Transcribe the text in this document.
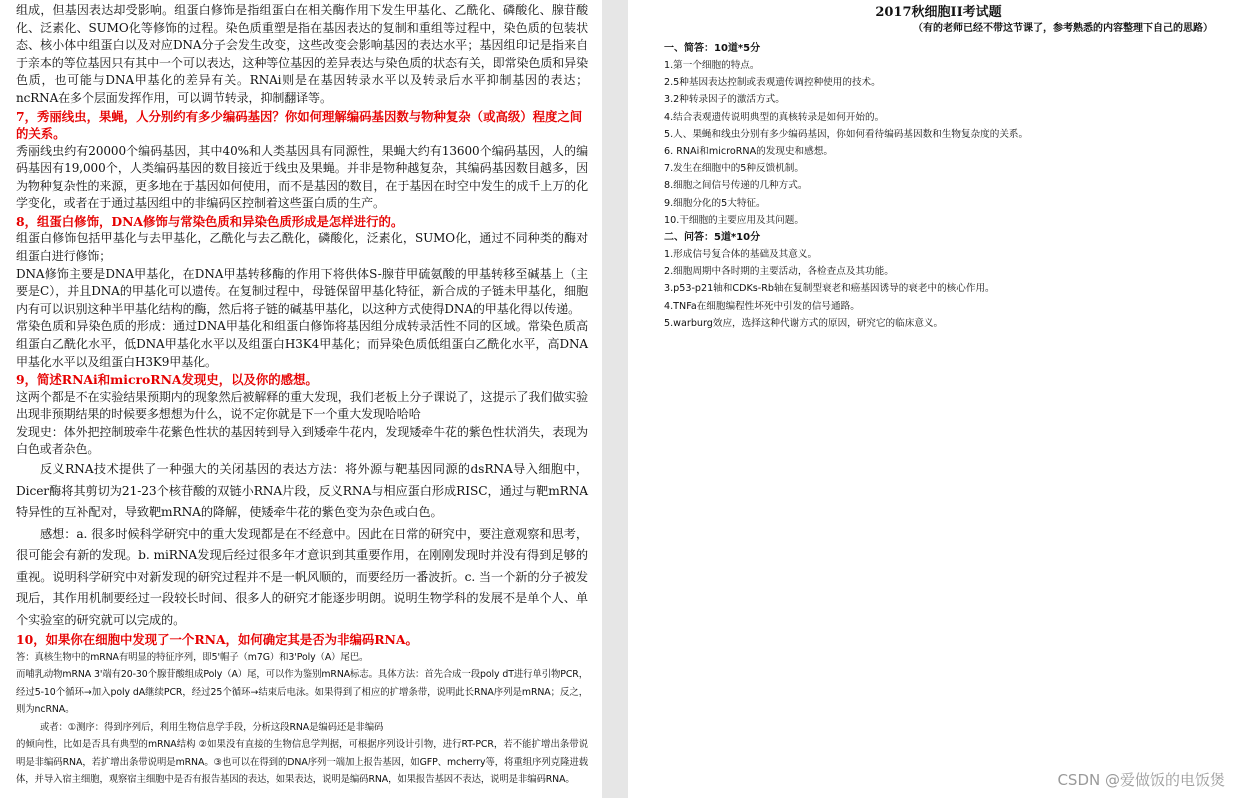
组成，但基因表达却受影响。组蛋白修饰是指组蛋白在相关酶作用下发生甲基化、乙酰化、磷酸化、腺苷酸化、泛素化、SUMO化等修饰的过程。染色质重塑是指在基因表达的复制和重组等过程中，染色质的包装状态、核小体中组蛋白以及对应DNA分子会发生改变，这些改变会影响基因的表达水平；基因组印记是指来自于亲本的等位基因只有其中一个可以表达，这种等位基因的差异表达与染色质的状态有关，即常染色质和异染色质，也可能与DNA甲基化的差异有关。RNAi则是在基因转录水平以及转录后水平抑制基因的表达；ncRNA在多个层面发挥作用，可以调节转录，抑制翻译等。

7，秀丽线虫，果蝇，人分别约有多少编码基因？你如何理解编码基因数与物种复杂（或高级）程度之间的关系。

秀丽线虫约有20000个编码基因，其中40%和人类基因具有同源性，果蝇大约有13600个编码基因，人的编码基因有19,000个，人类编码基因的数目接近于线虫及果蝇。并非是物种越复杂，其编码基因数目越多，因为物种复杂性的来源，更多地在于基因如何使用，而不是基因的数目，在于基因在时空中发生的成千上万的化学变化，或者在于通过基因组中的非编码区控制着这些蛋白质的生产。

8，组蛋白修饰，DNA修饰与常染色质和异染色质形成是怎样进行的。

组蛋白修饰包括甲基化与去甲基化，乙酰化与去乙酰化，磷酸化，泛素化，SUMO化，通过不同种类的酶对组蛋白进行修饰；

DNA修饰主要是DNA甲基化，在DNA甲基转移酶的作用下将供体S-腺苷甲硫氨酸的甲基转移至碱基上（主要是C），并且DNA的甲基化可以遗传。在复制过程中，母链保留甲基化特征，新合成的子链未甲基化，细胞内有可以识别这种半甲基化结构的酶，然后将子链的碱基甲基化，以这种方式使得DNA的甲基化得以传递。

常染色质和异染色质的形成：通过DNA甲基化和组蛋白修饰将基因组分成转录活性不同的区域。常染色质高组蛋白乙酰化水平，低DNA甲基化水平以及组蛋白H3K4甲基化；而异染色质低组蛋白乙酰化水平，高DNA甲基化水平以及组蛋白H3K9甲基化。

9，简述RNAi和microRNA发现史，以及你的感想。

这两个都是不在实验结果预期内的现象然后被解释的重大发现，我们老板上分子课说了，这提示了我们做实验出现非预期结果的时候要多想想为什么，说不定你就是下一个重大发现哈哈哈

发现史：体外把控制玻牵牛花紫色性状的基因转到导入到矮牵牛花内，发现矮牵牛花的紫色性状消失，表现为白色或者杂色。

反义RNA技术提供了一种强大的关闭基因的表达方法：将外源与靶基因同源的dsRNA导入细胞中，Dicer酶将其剪切为21-23个核苷酸的双链小RNA片段，反义RNA与相应蛋白形成RISC，通过与靶mRNA特异性的互补配对，导致靶mRNA的降解，使矮牵牛花的紫色变为杂色或白色。

感想：a. 很多时候科学研究中的重大发现都是在不经意中。因此在日常的研究中，要注意观察和思考，很可能会有新的发现。b. miRNA发现后经过很多年才意识到其重要作用，在刚刚发现时并没有得到足够的重视。说明科学研究中对新发现的研究过程并不是一帆风顺的，而要经历一番波折。c. 当一个新的分子被发现后，其作用机制要经过一段较长时间、很多人的研究才能逐步明朗。说明生物学科的发展不是单个人、单个实验室的研究就可以完成的。

10，如果你在细胞中发现了一个RNA，如何确定其是否为非编码RNA。

答：真核生物中的mRNA有明显的特征序列，即5'帽子（m7G）和3'Poly（A）尾巴。

而哺乳动物mRNA 3'端有20-30个腺苷酸组成Poly（A）尾，可以作为鉴别mRNA标志。具体方法：首先合成一段poly dT进行单引物PCR，经过5-10个循环→加入poly dA继续PCR，经过25个循环→结束后电泳。如果得到了相应的扩增条带，说明此长RNA序列是mRNA；反之，则为ncRNA。

或者：①测序：得到序列后，利用生物信息学手段，分析这段RNA是编码还是非编码

的倾向性，比如是否具有典型的mRNA结构 ②如果没有直接的生物信息学判据，可根据序列设计引物，进行RT-PCR，若不能扩增出条带说明是非编码RNA，若扩增出条带说明是mRNA。③也可以在得到的DNA序列一端加上报告基因，如GFP、mcherry等，将重组序列克隆进载体，并导入宿主细胞，观察宿主细胞中是否有报告基因的表达，如果表达，说明是编码RNA，如果报告基因不表达，说明是非编码RNA。

2017秋细胞II考试题

（有的老师已经不带这节课了，参考熟悉的内容整理下自己的思路）

一、简答：10道*5分

1.第一个细胞的特点。

2.5种基因表达控制或表观遗传调控种使用的技术。

3.2种转录因子的激活方式。

4.结合表观遗传说明典型的真核转录是如何开始的。

5.人、果蝇和线虫分别有多少编码基因，你如何看待编码基因数和生物复杂度的关系。

6. RNAi和microRNA的发现史和感想。

7.发生在细胞中的5种反馈机制。

8.细胞之间信号传递的几种方式。

9.细胞分化的5大特征。

10.干细胞的主要应用及其问题。

二、问答：5道*10分

1.形成信号复合体的基础及其意义。

2.细胞周期中各时期的主要活动，各检查点及其功能。

3.p53-p21轴和CDKs-Rb轴在复制型衰老和癌基因诱导的衰老中的核心作用。

4.TNFa在细胞编程性坏死中引发的信号通路。

5.warburg效应，选择这种代谢方式的原因，研究它的临床意义。

CSDN @爱做饭的电饭煲
